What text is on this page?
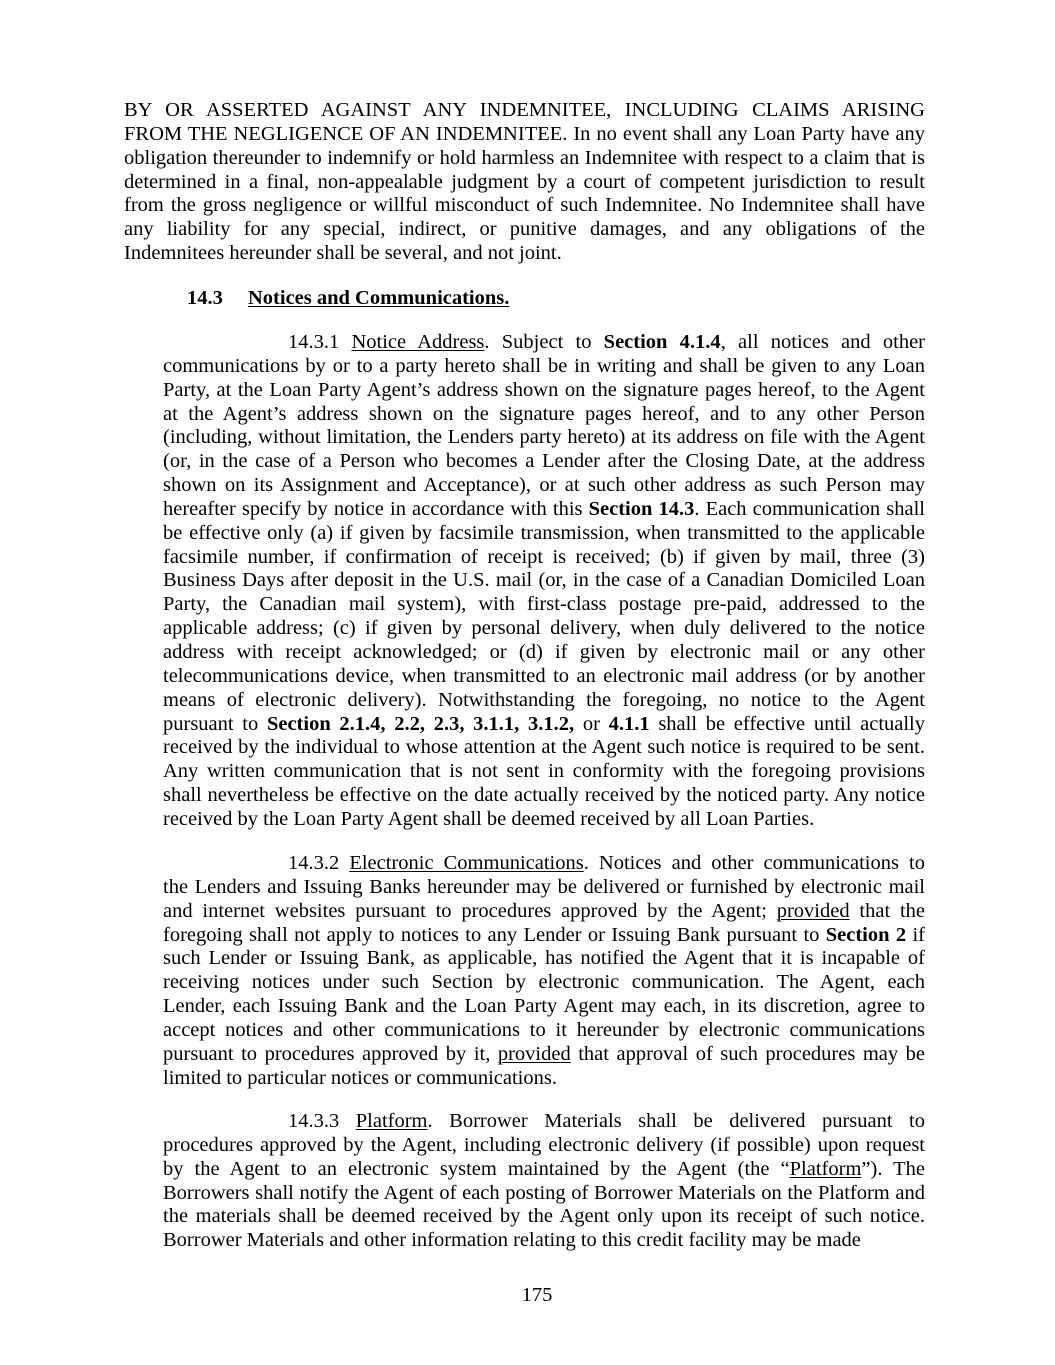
BY OR ASSERTED AGAINST ANY INDEMNITEE, INCLUDING CLAIMS ARISING
FROM THE NEGLIGENCE OF AN INDEMNITEE. In no event shall any Loan Party have any
obligation thereunder to indemnify or hold harmless an Indemnitee with respect to a claim that is
determined in a final, non-appealable judgment by a court of competent jurisdiction to result
from the gross negligence or willful misconduct of such Indemnitee. No Indemnitee shall have
any liability for any special, indirect, or punitive damages, and any obligations of the
Indemnitees hereunder shall be several, and not joint.
14.3 Notices and Communications.
14.3.1 Notice Address. Subject to Section 4.1.4, all notices and other
communications by or to a party hereto shall be in writing and shall be given to any Loan
Party, at the Loan Party Agent’s address shown on the signature pages hereof, to the Agent
at the Agent’s address shown on the signature pages hereof, and to any other Person
(including, without limitation, the Lenders party hereto) at its address on file with the Agent
(or, in the case of a Person who becomes a Lender after the Closing Date, at the address
shown on its Assignment and Acceptance), or at such other address as such Person may
hereafter specify by notice in accordance with this Section 14.3. Each communication shall
be effective only (a) if given by facsimile transmission, when transmitted to the applicable
facsimile number, if confirmation of receipt is received; (b) if given by mail, three (3)
Business Days after deposit in the U.S. mail (or, in the case of a Canadian Domiciled Loan
Party, the Canadian mail system), with first-class postage pre-paid, addressed to the
applicable address; (c) if given by personal delivery, when duly delivered to the notice
address with receipt acknowledged; or (d) if given by electronic mail or any other
telecommunications device, when transmitted to an electronic mail address (or by another
means of electronic delivery). Notwithstanding the foregoing, no notice to the Agent
pursuant to Section 2.1.4, 2.2, 2.3, 3.1.1, 3.1.2, or 4.1.1 shall be effective until actually
received by the individual to whose attention at the Agent such notice is required to be sent.
Any written communication that is not sent in conformity with the foregoing provisions
shall nevertheless be effective on the date actually received by the noticed party. Any notice
received by the Loan Party Agent shall be deemed received by all Loan Parties.
14.3.2 Electronic Communications. Notices and other communications to
the Lenders and Issuing Banks hereunder may be delivered or furnished by electronic mail
and internet websites pursuant to procedures approved by the Agent; provided that the
foregoing shall not apply to notices to any Lender or Issuing Bank pursuant to Section 2 if
such Lender or Issuing Bank, as applicable, has notified the Agent that it is incapable of
receiving notices under such Section by electronic communication. The Agent, each
Lender, each Issuing Bank and the Loan Party Agent may each, in its discretion, agree to
accept notices and other communications to it hereunder by electronic communications
pursuant to procedures approved by it, provided that approval of such procedures may be
limited to particular notices or communications.
14.3.3 Platform. Borrower Materials shall be delivered pursuant to
procedures approved by the Agent, including electronic delivery (if possible) upon request
by the Agent to an electronic system maintained by the Agent (the “Platform”). The
Borrowers shall notify the Agent of each posting of Borrower Materials on the Platform and
the materials shall be deemed received by the Agent only upon its receipt of such notice.
Borrower Materials and other information relating to this credit facility may be made
175
